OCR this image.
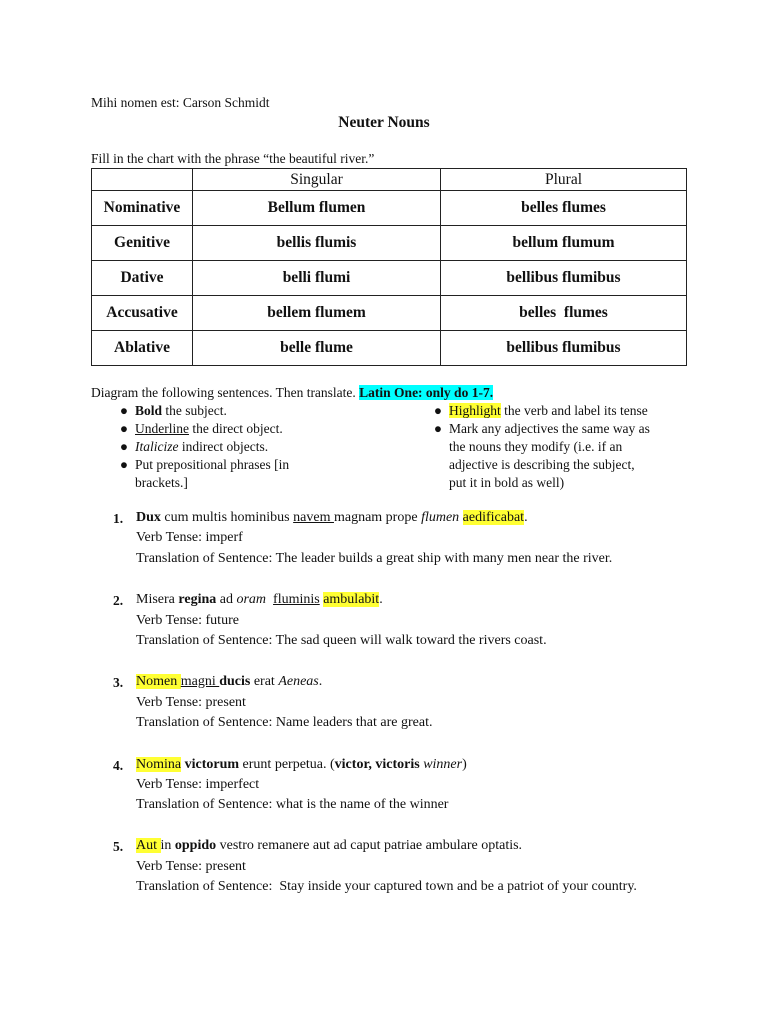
Mihi nomen est: Carson Schmidt
Neuter Nouns
Fill in the chart with the phrase “the beautiful river.”
	Singular	Plural
Nominative	Bellum flumen	belles flumes
Genitive	bellis flumis	bellum flumum
Dative	belli flumi	bellibus flumibus
Accusative	bellem flumem	belles  flumes
Ablative	belle flume	bellibus flumibus
Diagram the following sentences. Then translate. Latin One: only do 1-7.
● Bold the subject.
● Underline the direct object.
● Italicize indirect objects.
● Put prepositional phrases [in
brackets.]
● Highlight the verb and label its tense
● Mark any adjectives the same way as
the nouns they modify (i.e. if an
adjective is describing the subject,
put it in bold as well)
1. Dux cum multis hominibus navem magnam prope flumen aedificabat.
Verb Tense: imperf
Translation of Sentence: The leader builds a great ship with many men near the river.
2. Misera regina ad oram fluminis ambulabit.
Verb Tense: future
Translation of Sentence: The sad queen will walk toward the rivers coast.
3. Nomen magni ducis erat Aeneas.
Verb Tense: present
Translation of Sentence: Name leaders that are great.
4. Nomina victorum erunt perpetua. (victor, victoris winner)
Verb Tense: imperfect
Translation of Sentence: what is the name of the winner
5. Aut in oppido vestro remanere aut ad caput patriae ambulare optatis.
Verb Tense: present
Translation of Sentence:  Stay inside your captured town and be a patriot of your country.
